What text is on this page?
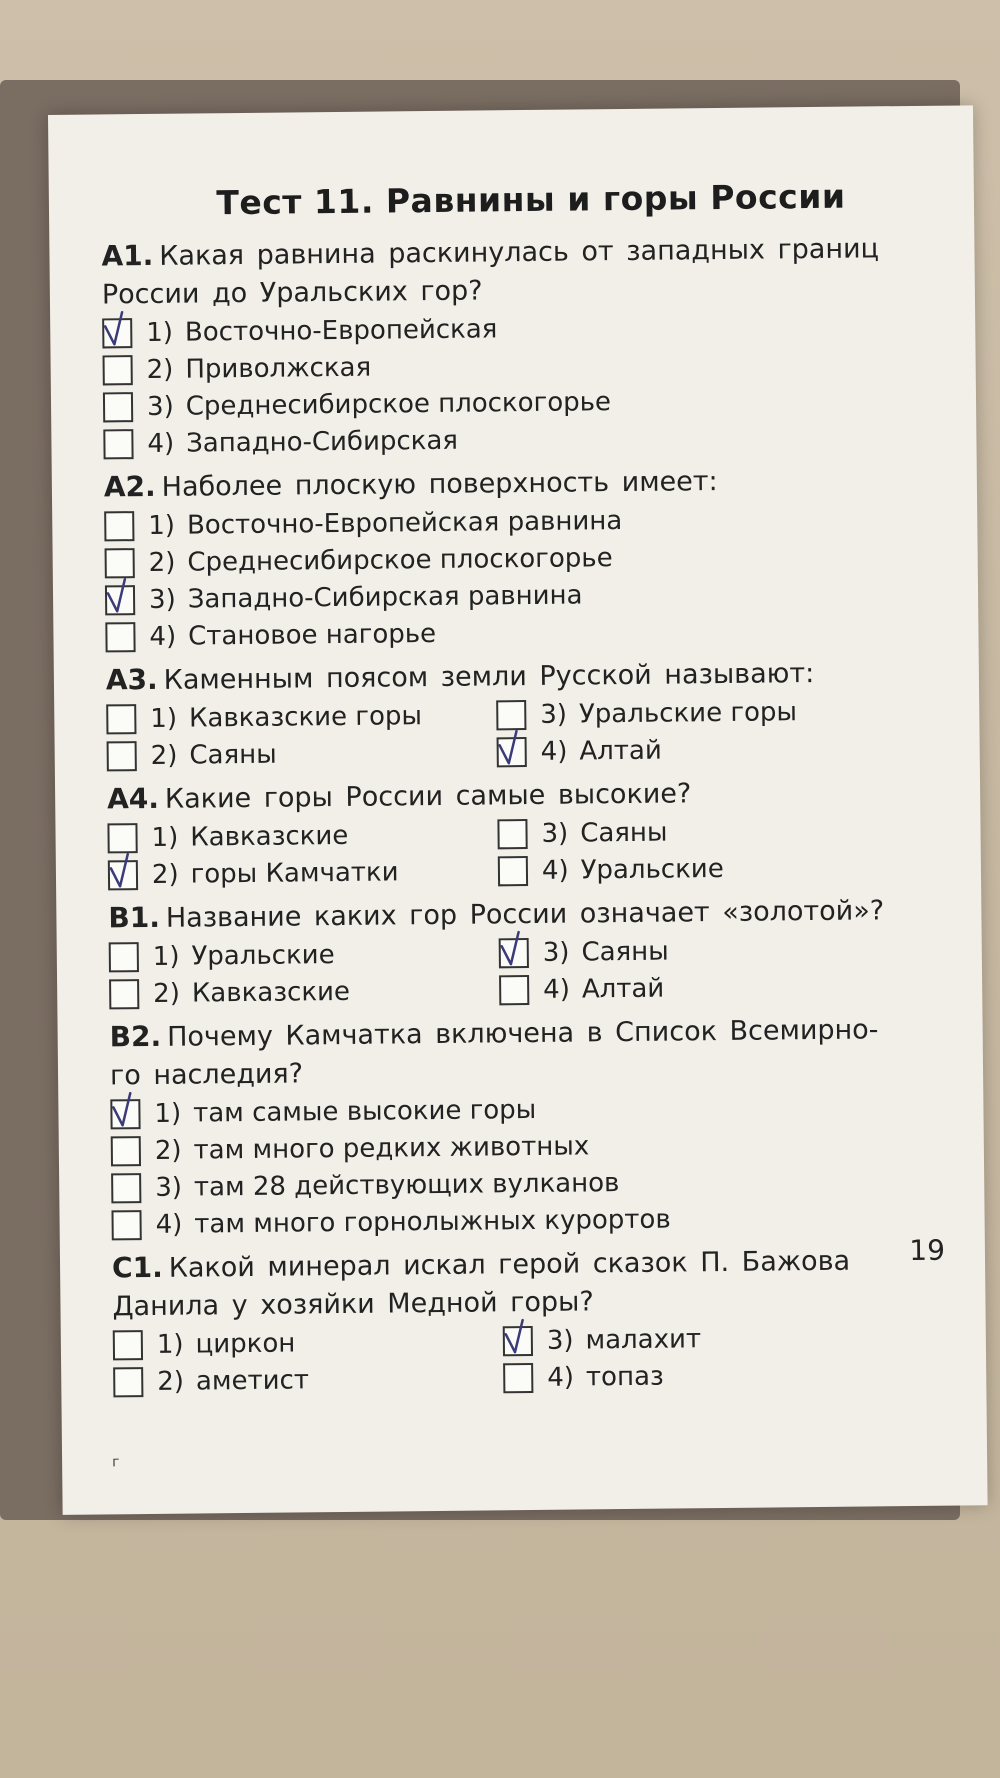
Тест 11. Равнины и горы России
A1. Какая равнина раскинулась от западных границ
России до Уральских гор?
1) Восточно-Европейская
2) Приволжская
3) Среднесибирское плоскогорье
4) Западно-Сибирская
А2. Наболее плоскую поверхность имеет:
1) Восточно-Европейская равнина
2) Среднесибирское плоскогорье
3) Западно-Сибирская равнина
4) Становое нагорье
А3. Каменным поясом земли Русской называют:
1) Кавказские горы	3) Уральские горы
2) Саяны	4) Алтай
А4. Какие горы России самые высокие?
1) Кавказские	3) Саяны
2) горы Камчатки	4) Уральские
В1. Название каких гор России означает «золотой»?
1) Уральские	3) Саяны
2) Кавказские	4) Алтай
В2. Почему Камчатка включена в Список Всемирно-
го наследия?
1) там самые высокие горы
2) там много редких животных
3) там 28 действующих вулканов
4) там много горнолыжных курортов
С1. Какой минерал искал герой сказок П. Бажова
Данила у хозяйки Медной горы?
1) циркон	3) малахит
2) аметист	4) топаз
19
г
